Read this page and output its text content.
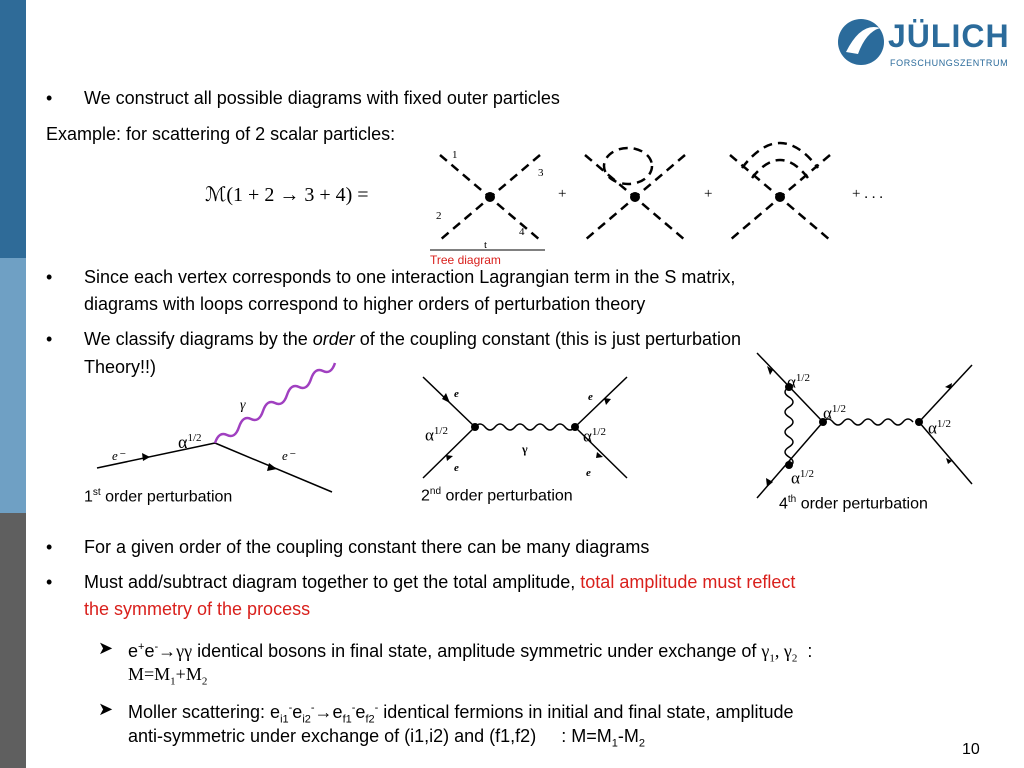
JÜLICH
FORSCHUNGSZENTRUM
• We construct all possible diagrams with fixed outer particles
Example: for scattering of 2 scalar particles:
ℳ(1 + 2 → 3 + 4) =	+	+	+ . . .
1
2
3
4
t
Tree diagram
• Since each vertex corresponds to one interaction Lagrangian term in the S matrix,
diagrams with loops correspond to higher orders of perturbation theory
• We classify diagrams by the order of the coupling constant (this is just perturbation
Theory!!)
γ
$\alpha^{1/2}$
e⁻	e⁻
1st order perturbation
e	e
e	e
γ
$\alpha^{1/2}$	$\alpha^{1/2}$
2nd order perturbation
$\alpha^{1/2}$
$\alpha^{1/2}$
$\alpha^{1/2}$
$\alpha^{1/2}$
4th order perturbation
• For a given order of the coupling constant there can be many diagrams
• Must add/subtract diagram together to get the total amplitude, total amplitude must reflect
the symmetry of the process
➤ e+e-→γγ identical bosons in final state, amplitude symmetric under exchange of $\gamma_1$, $\gamma_2$  :
$M=M_1+M_2$
➤ Moller scattering: $e_{i1}^-e_{i2}^-\to e_{f1}^-e_{f2}^-$ identical fermions in initial and final state, amplitude
anti-symmetric under exchange of (i1,i2) and (f1,f2) : $M=M_1-M_2$	10
